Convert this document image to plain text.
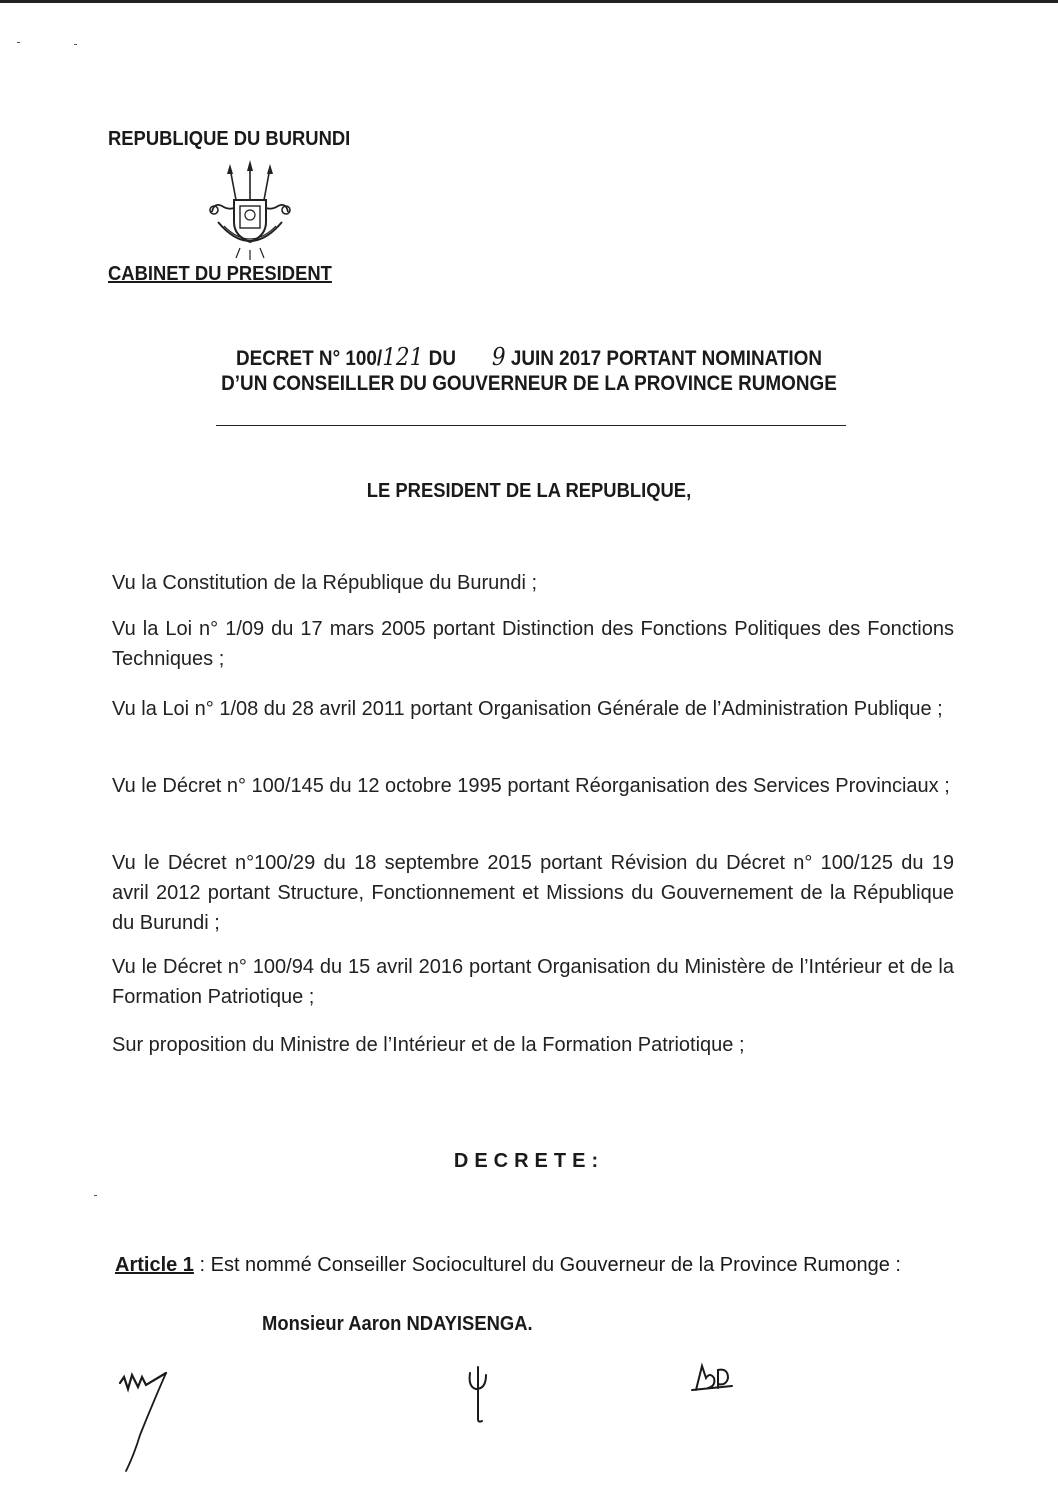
REPUBLIQUE DU BURUNDI
CABINET DU PRESIDENT
DECRET N° 100/121 DU 9 JUIN 2017 PORTANT NOMINATION
D’UN CONSEILLER DU GOUVERNEUR DE LA PROVINCE RUMONGE
LE PRESIDENT DE LA REPUBLIQUE,
Vu la Constitution de la République du Burundi ;
Vu la Loi n° 1/09 du 17 mars 2005 portant Distinction des Fonctions Politiques des Fonctions Techniques ;
Vu la Loi n° 1/08 du 28 avril 2011 portant Organisation Générale de l’Administration Publique ;
Vu le Décret n° 100/145 du 12 octobre 1995 portant Réorganisation des Services Provinciaux ;
Vu le Décret n°100/29 du 18 septembre 2015 portant Révision du Décret n° 100/125 du 19 avril 2012 portant Structure, Fonctionnement et Missions du Gouvernement de la République du Burundi ;
Vu le Décret n° 100/94 du 15 avril 2016 portant Organisation du Ministère de l’Intérieur et de la Formation Patriotique ;
Sur proposition du Ministre de l’Intérieur et de la Formation Patriotique ;
DECRETE:
Article 1 : Est nommé Conseiller Socioculturel du Gouverneur de la Province Rumonge :
Monsieur Aaron NDAYISENGA.
